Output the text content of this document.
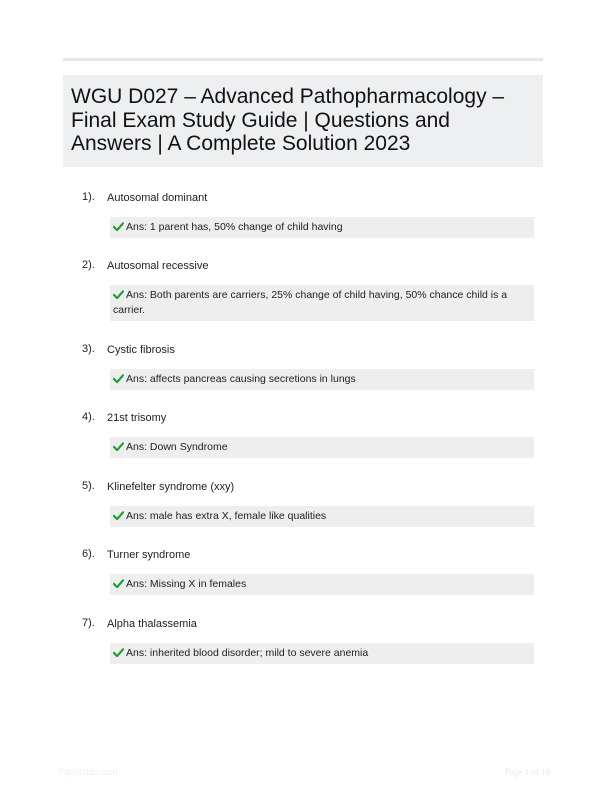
WGU D027 – Advanced Pathopharmacology – Final Exam Study Guide | Questions and Answers | A Complete Solution 2023
1). Autosomal dominant
Ans: 1 parent has, 50% change of child having
2). Autosomal recessive
Ans: Both parents are carriers, 25% change of child having, 50% chance child is a carrier.
3). Cystic fibrosis
Ans: affects pancreas causing secretions in lungs
4). 21st trisomy
Ans: Down Syndrome
5). Klinefelter syndrome (xxy)
Ans: male has extra X, female like qualities
6). Turner syndrome
Ans: Missing X in females
7). Alpha thalassemia
Ans: inherited blood disorder; mild to severe anemia
Papersbic.com	Page 1 of 19
